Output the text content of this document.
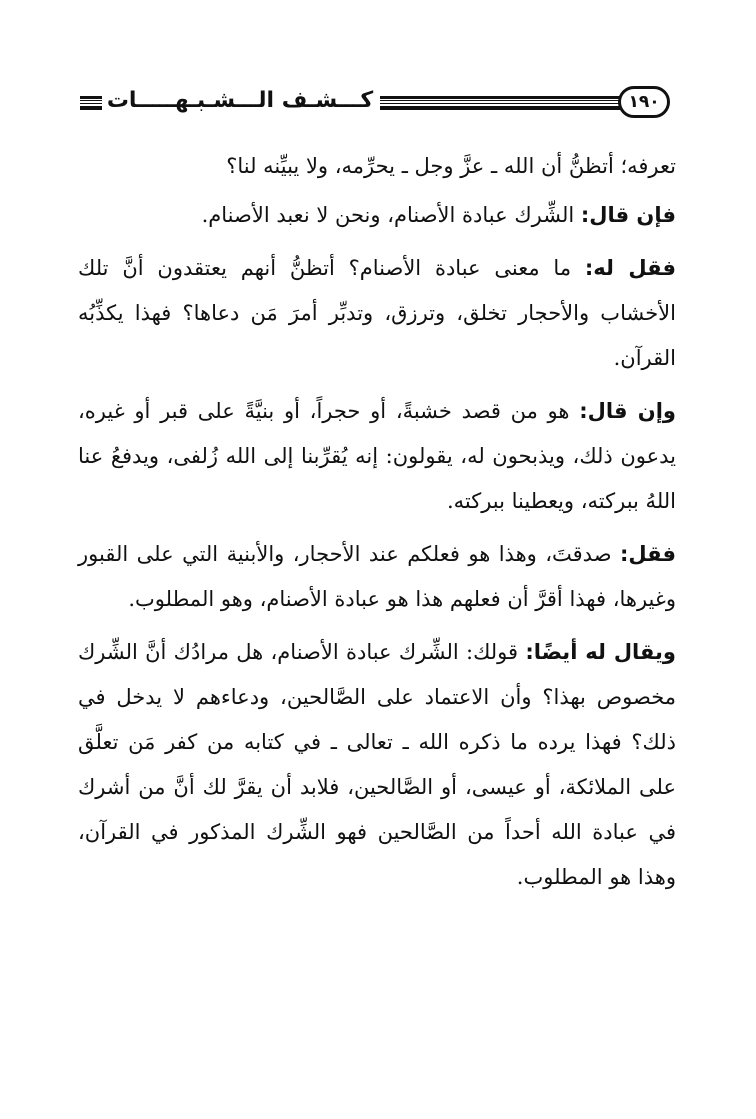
كـــشـف الـــشـبـهـــــات	١٩٠

تعرفه؛ أتظنُّ أن الله ـ عزَّ وجل ـ يحرِّمه، ولا يبيِّنه لنا؟

فإن قال: الشِّرك عبادة الأصنام، ونحن لا نعبد الأصنام.

فقل له: ما معنى عبادة الأصنام؟ أتظنُّ أنهم يعتقدون أنَّ تلك الأخشاب والأحجار تخلق، وترزق، وتدبِّر أمرَ مَن دعاها؟ فهذا يكذِّبُه القرآن.

وإن قال: هو من قصد خشبةً، أو حجراً، أو بنيَّةً على قبر أو غيره، يدعون ذلك، ويذبحون له، يقولون: إنه يُقرِّبنا إلى الله زُلفى، ويدفعُ عنا اللهُ ببركته، ويعطينا ببركته.

فقل: صدقتَ، وهذا هو فعلكم عند الأحجار، والأبنية التي على القبور وغيرها، فهذا أقرَّ أن فعلهم هذا هو عبادة الأصنام، وهو المطلوب.

ويقال له أيضًا: قولك: الشِّرك عبادة الأصنام، هل مرادُك أنَّ الشِّرك مخصوص بهذا؟ وأن الاعتماد على الصَّالحين، ودعاءهم لا يدخل في ذلك؟ فهذا يرده ما ذكره الله ـ تعالى ـ في كتابه من كفر مَن تعلَّق على الملائكة، أو عيسى، أو الصَّالحين، فلابد أن يقرَّ لك أنَّ من أشرك في عبادة الله أحداً من الصَّالحين فهو الشِّرك المذكور في القرآن، وهذا هو المطلوب.
